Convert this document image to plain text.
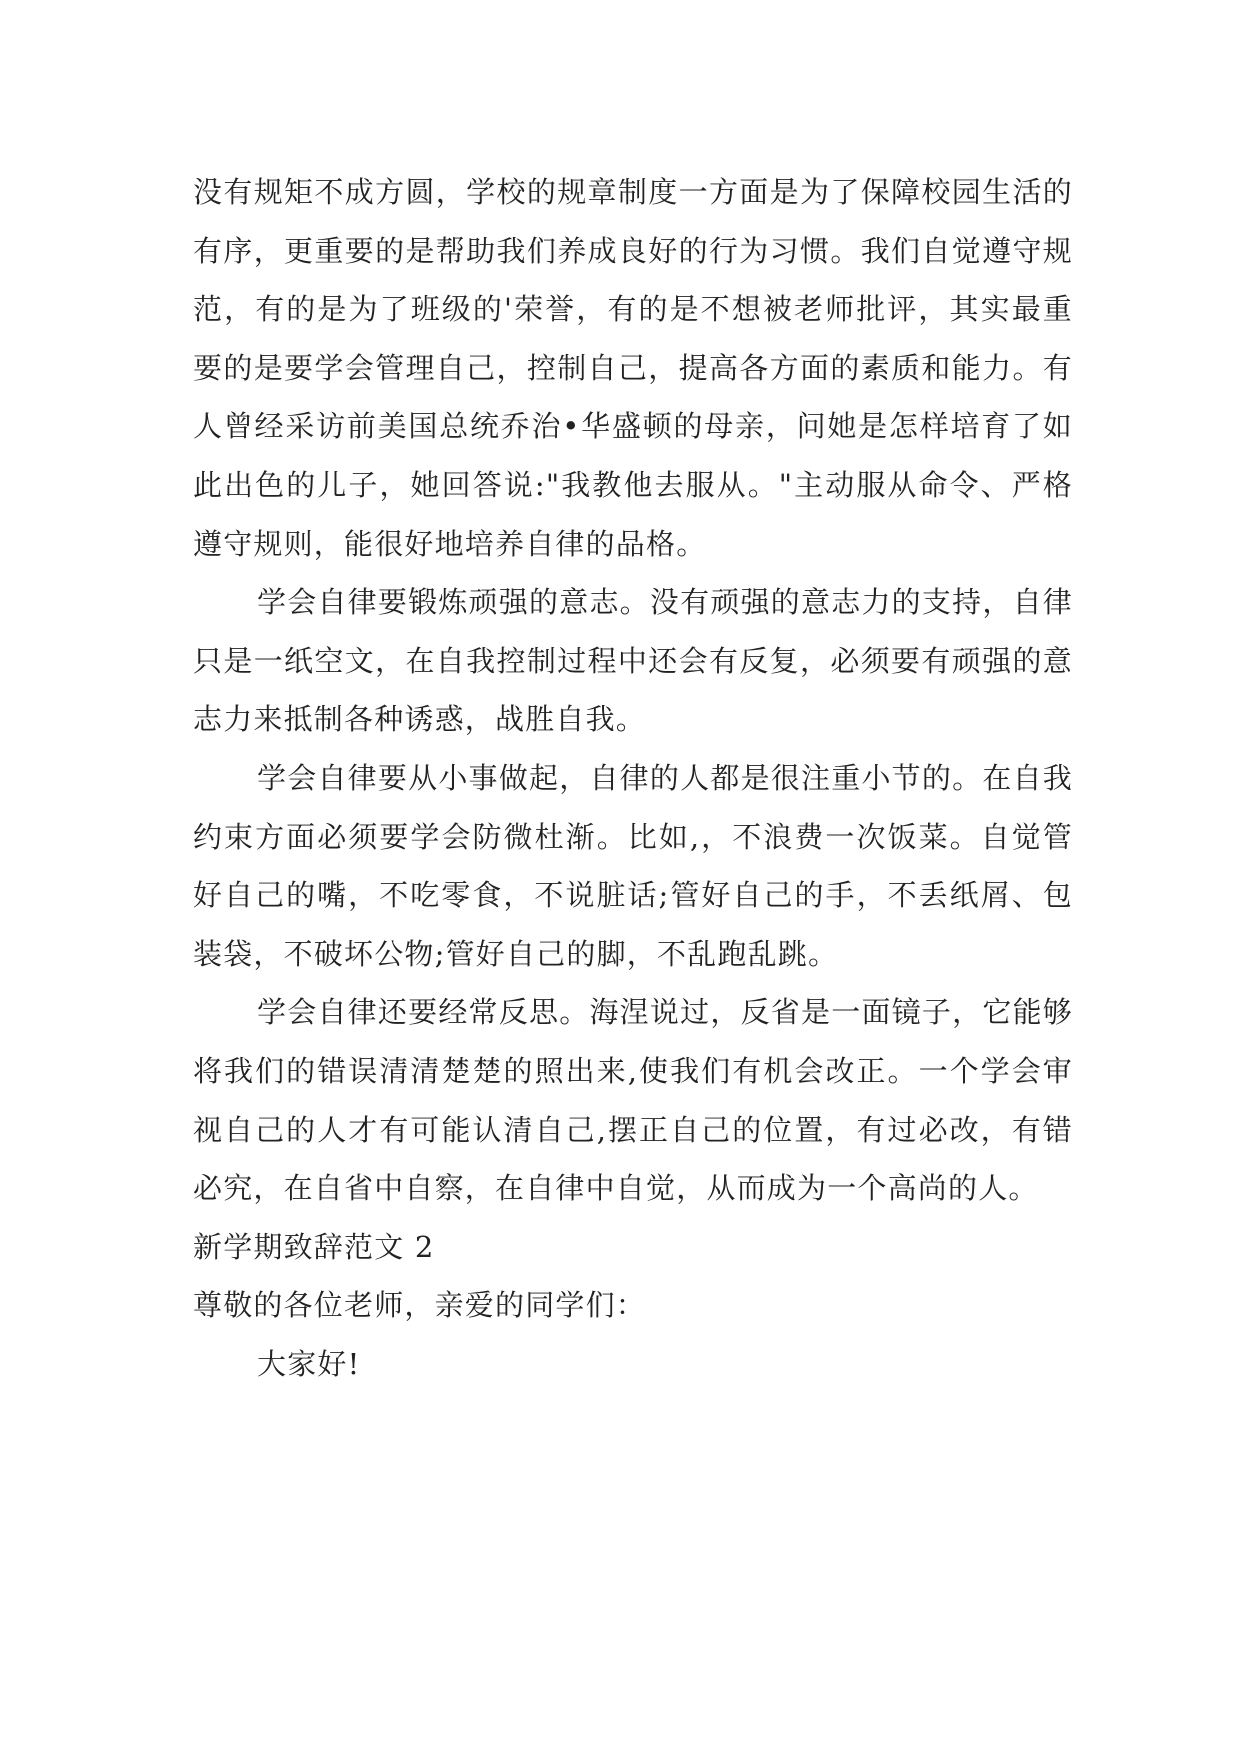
没有规矩不成方圆，学校的规章制度一方面是为了保障校园生活的有序，更重要的是帮助我们养成良好的行为习惯。我们自觉遵守规范，有的是为了班级的'荣誉，有的是不想被老师批评，其实最重要的是要学会管理自己，控制自己，提高各方面的素质和能力。有人曾经采访前美国总统乔治•华盛顿的母亲，问她是怎样培育了如此出色的儿子，她回答说:"我教他去服从。"主动服从命令、严格遵守规则，能很好地培养自律的品格。

学会自律要锻炼顽强的意志。没有顽强的意志力的支持，自律只是一纸空文，在自我控制过程中还会有反复，必须要有顽强的意志力来抵制各种诱惑，战胜自我。

学会自律要从小事做起，自律的人都是很注重小节的。在自我约束方面必须要学会防微杜渐。比如,，不浪费一次饭菜。自觉管好自己的嘴，不吃零食，不说脏话;管好自己的手，不丢纸屑、包装袋，不破坏公物;管好自己的脚，不乱跑乱跳。

学会自律还要经常反思。海涅说过，反省是一面镜子，它能够将我们的错误清清楚楚的照出来,使我们有机会改正。一个学会审视自己的人才有可能认清自己,摆正自己的位置，有过必改，有错必究，在自省中自察，在自律中自觉，从而成为一个高尚的人。

新学期致辞范文 2

尊敬的各位老师，亲爱的同学们：

大家好!
